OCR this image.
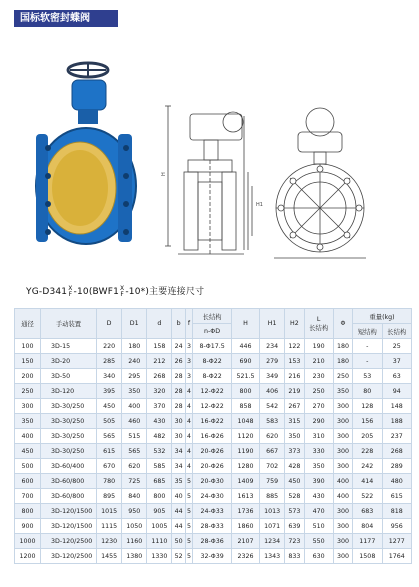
国标软密封蝶阀
H
H1
YG-D341X
F-10(BWF1X
F-10*)主要连接尺寸
通径	手动装置	D	D1	d	b	f	长结构	H	H1	H2	L
长结构	Φ	重量(kg)	
							n-ΦD						短结构	长结构
100	3D-15	220	180	158	24	3	8-Φ17.5	446	234	122	190	180	-	25
150	3D-20	285	240	212	26	3	8-Φ22	690	279	153	210	180	-	37
200	3D-50	340	295	268	28	3	8-Φ22	521.5	349	216	230	250	53	63
250	3D-120	395	350	320	28	4	12-Φ22	800	406	219	250	350	80	94
300	3D-30/250	450	400	370	28	4	12-Φ22	858	542	267	270	300	128	148
350	3D-30/250	505	460	430	30	4	16-Φ22	1048	583	315	290	300	156	188
400	3D-30/250	565	515	482	30	4	16-Φ26	1120	620	350	310	300	205	237
450	3D-30/250	615	565	532	34	4	20-Φ26	1190	667	373	330	300	228	268
500	3D-60/400	670	620	585	34	4	20-Φ26	1280	702	428	350	300	242	289
600	3D-60/800	780	725	685	35	5	20-Φ30	1409	759	450	390	400	414	480
700	3D-60/800	895	840	800	40	5	24-Φ30	1613	885	528	430	400	522	615
800	3D-120/1500	1015	950	905	44	5	24-Φ33	1736	1013	573	470	300	683	818
900	3D-120/1500	1115	1050	1005	44	5	28-Φ33	1860	1071	639	510	300	804	956
1000	3D-120/2500	1230	1160	1110	50	5	28-Φ36	2107	1234	723	550	300	1177	1277
1200	3D-120/2500	1455	1380	1330	52	5	32-Φ39	2326	1343	833	630	300	1508	1764
